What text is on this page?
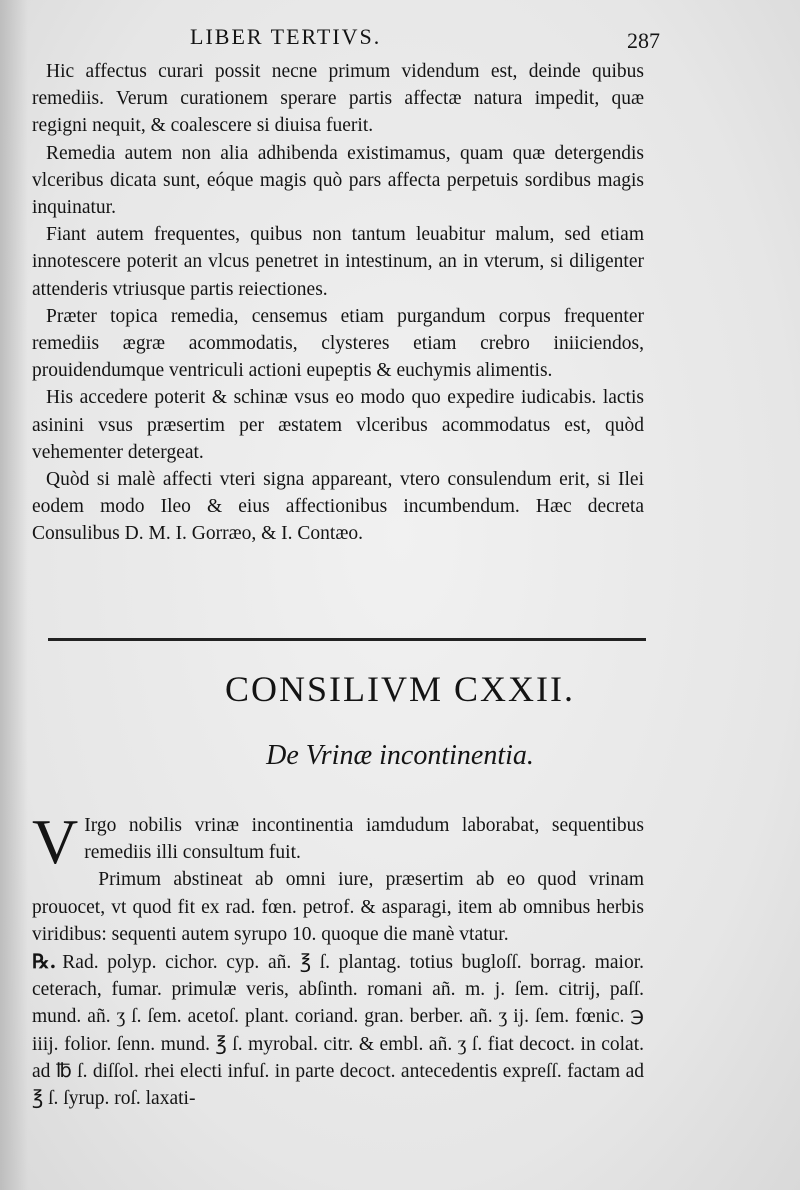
LIBER TERTIVS.	287

Hic affectus curari possit necne primum videndum est, deinde quibus remediis. Verum curationem sperare partis affectæ natura impedit, quæ regigni nequit, & coalescere si diuisa fuerit.

Remedia autem non alia adhibenda existimamus, quam quæ detergendis vlceribus dicata sunt, eóque magis quò pars affecta perpetuis sordibus magis inquinatur.

Fiant autem frequentes, quibus non tantum leuabitur malum, sed etiam innotescere poterit an vlcus penetret in intestinum, an in vterum, si diligenter attenderis vtriusque partis reiectiones.

Præter topica remedia, censemus etiam purgandum corpus frequenter remediis ægræ acommodatis, clysteres etiam crebro iniiciendos, prouidendumque ventriculi actioni eupeptis & euchymis alimentis.

His accedere poterit & schinæ vsus eo modo quo expedire iudicabis. lactis asinini vsus præsertim per æstatem vlceribus acommodatus est, quòd vehementer detergeat.

Quòd si malè affecti vteri signa appareant, vtero consulendum erit, si Ilei eodem modo Ileo & eius affectionibus incumbendum. Hæc decreta Consulibus D. M. I. Gorræo, & I. Contæo.

CONSILIVM CXXII.
De Vrinæ incontinentia.

V Irgo nobilis vrinæ incontinentia iamdudum laborabat, sequentibus remediis illi consultum fuit.

Primum abstineat ab omni iure, præsertim ab eo quod vrinam prouocet, vt quod fit ex rad. fœn. petrof. & asparagi, item ab omnibus herbis viridibus: sequenti autem syrupo 10. quoque die manè vtatur.

℞. Rad. polyp. cichor. cyp. añ. ℥ ſ. plantag. totius bugloſſ. borrag. maior. ceterach, fumar. primulæ veris, abſinth. romani añ. m. j. ſem. citrij, paſſ. mund. añ. ʒ ſ. ſem. acetoſ. plant. coriand. gran. berber. añ. ʒ ij. ſem. fœnic. ℈ iiij. folior. ſenn. mund. ℥ ſ. myrobal. citr. & embl. añ. ʒ ſ. fiat decoct. in colat. ad ℔ ſ. diſſol. rhei electi infuſ. in parte decoct. antecedentis expreſſ. factam ad ℥ ſ. ſyrup. roſ. laxati-
